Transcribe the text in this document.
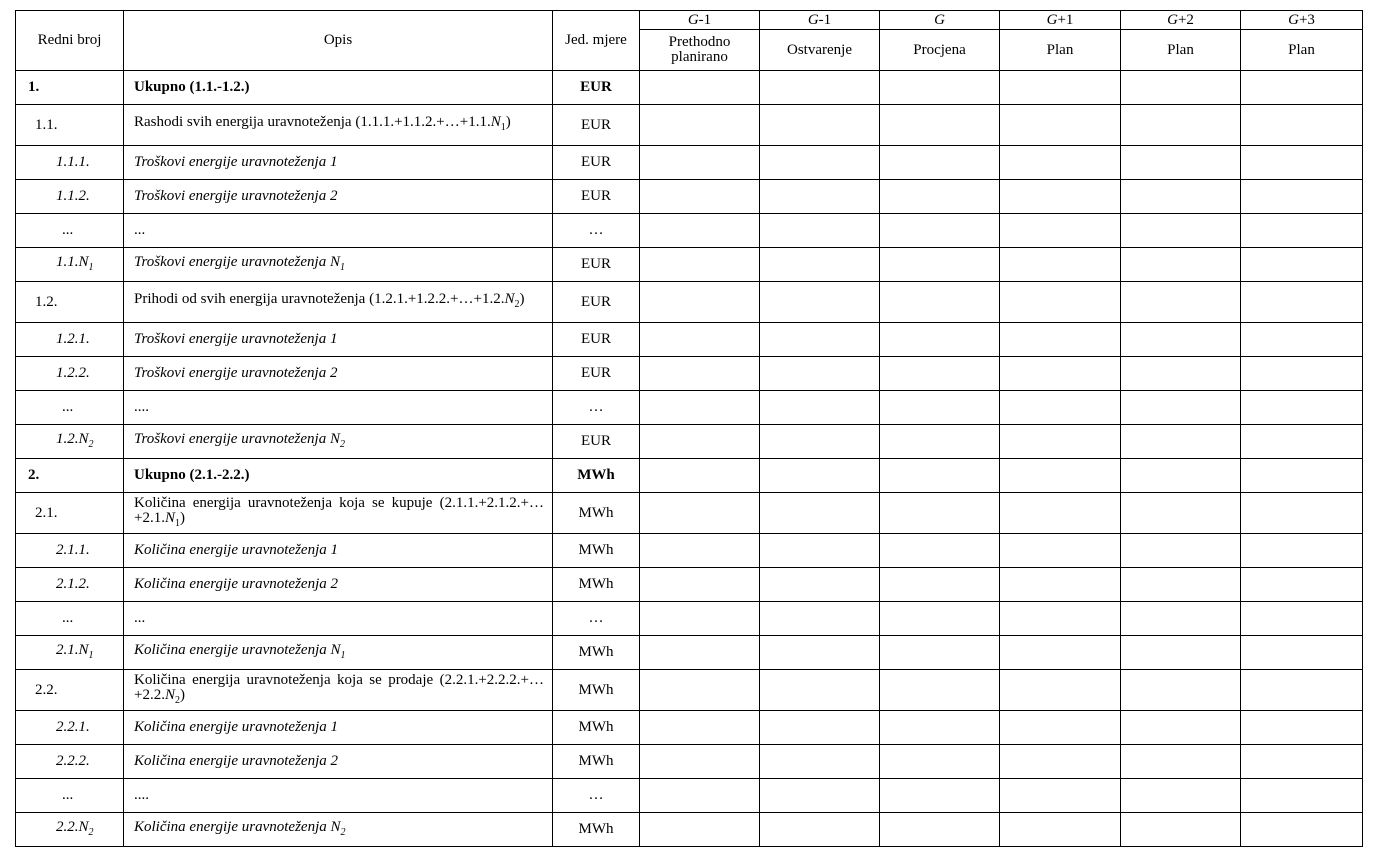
Redni broj	Opis	Jed. mjere	G-1	G-1	G	G+1	G+2	G+3
			Prethodno planirano	Ostvarenje	Procjena	Plan	Plan	Plan
1.	Ukupno (1.1.-1.2.)	EUR						
1.1.	Rashodi svih energija uravnoteženja $(1.1.1.+1.1.2.+\dots+1.1.N_1)$	EUR						
1.1.1.	Troškovi energije uravnoteženja 1	EUR						
1.1.2.	Troškovi energije uravnoteženja 2	EUR						
...	...	…						
$1.1.N_1$	Troškovi energije uravnoteženja $N_1$	EUR						
1.2.	Prihodi od svih energija uravnoteženja $(1.2.1.+1.2.2.+\dots+1.2.N_2)$	EUR						
1.2.1.	Troškovi energije uravnoteženja 1	EUR						
1.2.2.	Troškovi energije uravnoteženja 2	EUR						
...	....	…						
$1.2.N_2$	Troškovi energije uravnoteženja $N_2$	EUR						
2.	Ukupno (2.1.-2.2.)	MWh						
2.1.	Količina energija uravnoteženja koja se kupuje $(2.1.1.+2.1.2.+\dots+2.1.N_1)$	MWh						
2.1.1.	Količina energije uravnoteženja 1	MWh						
2.1.2.	Količina energije uravnoteženja 2	MWh						
...	...	…						
$2.1.N_1$	Količina energije uravnoteženja $N_1$	MWh						
2.2.	Količina energija uravnoteženja koja se prodaje $(2.2.1.+2.2.2.+\dots+2.2.N_2)$	MWh						
2.2.1.	Količina energije uravnoteženja 1	MWh						
2.2.2.	Količina energije uravnoteženja 2	MWh						
...	....	…						
$2.2.N_2$	Količina energije uravnoteženja $N_2$	MWh						
